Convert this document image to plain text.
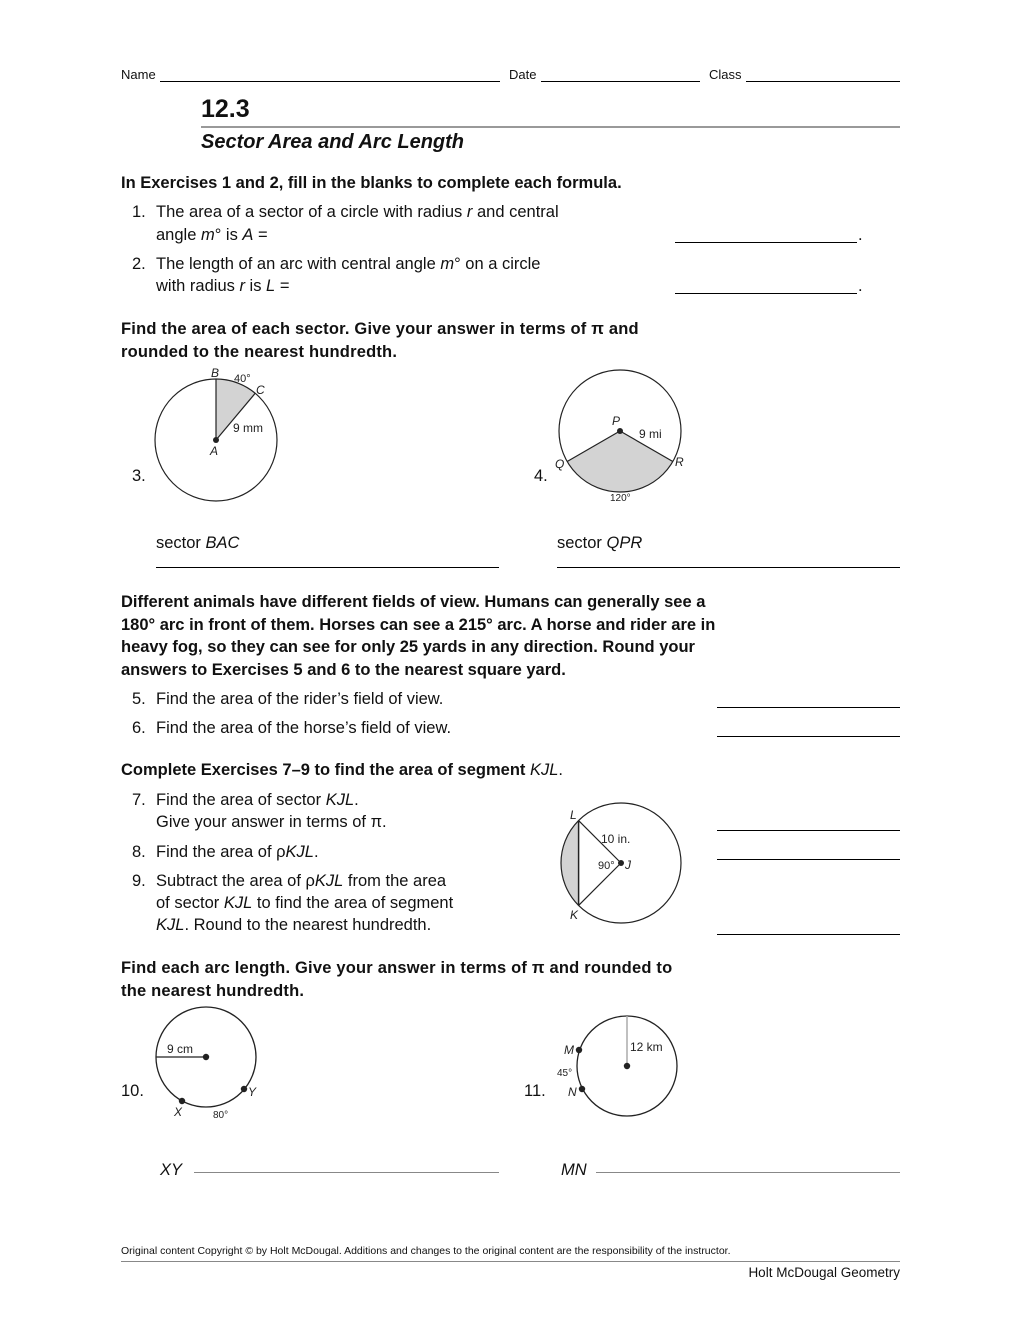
Name	Date	Class
12.3
Sector Area and Arc Length
In Exercises 1 and 2, fill in the blanks to complete each formula.
1. The area of a sector of a circle with radius r and central
angle m° is A =	.
2. The length of an arc with central angle m° on a circle
with radius r is L =	.
Find the area of each sector. Give your answer in terms of π and
rounded to the nearest hundredth.
3.
B 40°
C
9 mm
A
4.
P
9 mi
Q	R
120°
sector BAC	sector QPR
Different animals have different fields of view. Humans can generally see a
180° arc in front of them. Horses can see a 215° arc. A horse and rider are in
heavy fog, so they can see for only 25 yards in any direction. Round your
answers to Exercises 5 and 6 to the nearest square yard.
5. Find the area of the rider’s field of view.
6. Find the area of the horse’s field of view.
Complete Exercises 7–9 to find the area of segment KJL.
7. Find the area of sector KJL.
Give your answer in terms of π.
8. Find the area of ρKJL.
9. Subtract the area of ρKJL from the area
of sector KJL to find the area of segment
KJL. Round to the nearest hundredth.
L
10 in.
90° J
K
Find each arc length. Give your answer in terms of π and rounded to
the nearest hundredth.
10.
9 cm
X
Y
80°
XY
11.
12 km
M
45°
N
MN
Original content Copyright © by Holt McDougal. Additions and changes to the original content are the responsibility of the instructor.
Holt McDougal Geometry
